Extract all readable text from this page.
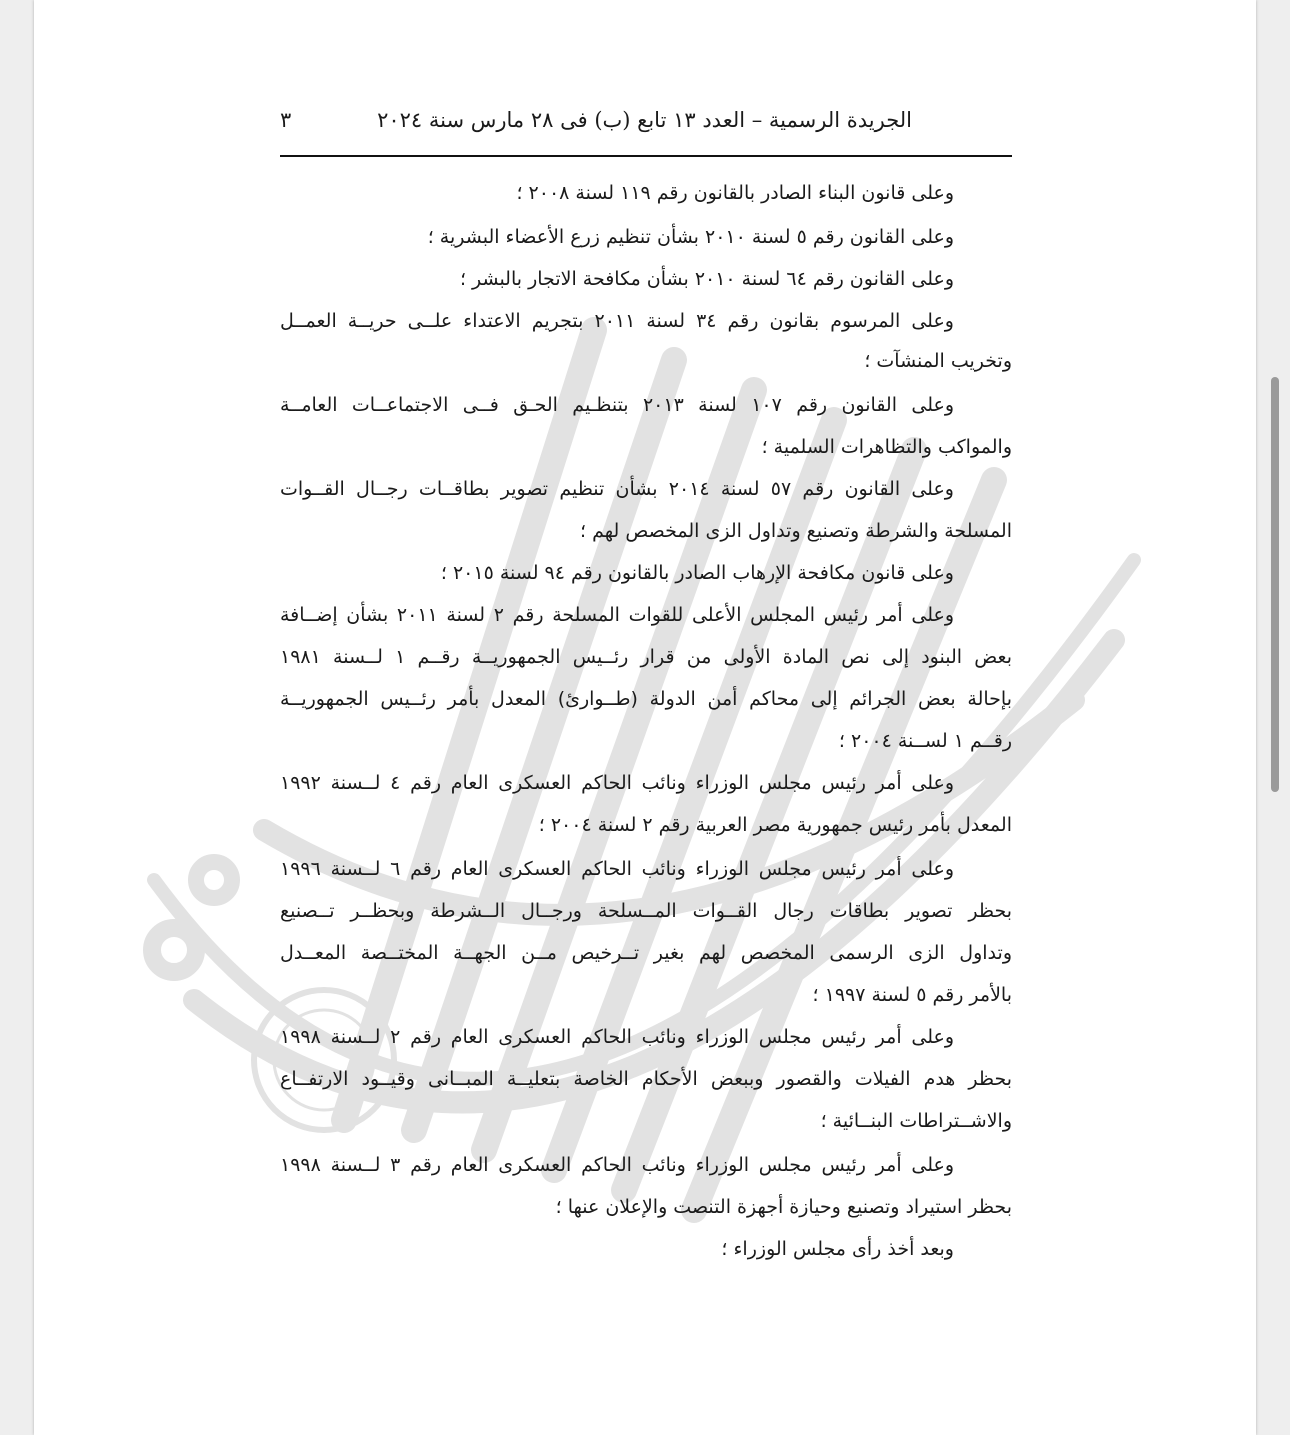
الجريدة الرسمية – العدد ١٣ تابع (ب) فى ٢٨ مارس سنة ٢٠٢٤
٣
وعلى قانون البناء الصادر بالقانون رقم ١١٩ لسنة ٢٠٠٨ ؛
وعلى القانون رقم ٥ لسنة ٢٠١٠ بشأن تنظيم زرع الأعضاء البشرية ؛
وعلى القانون رقم ٦٤ لسنة ٢٠١٠ بشأن مكافحة الاتجار بالبشر ؛
وعلى المرسوم بقانون رقم ٣٤ لسنة ٢٠١١ بتجريم الاعتداء علــى حريــة العمــل
وتخريب المنشآت ؛
وعلى القانون رقم ١٠٧ لسنة ٢٠١٣ بتنظـيم الحـق فــى الاجتماعــات العامــة
والمواكب والتظاهرات السلمية ؛
وعلى القانون رقم ٥٧ لسنة ٢٠١٤ بشأن تنظيم تصوير بطاقــات رجــال القــوات
المسلحة والشرطة وتصنيع وتداول الزى المخصص لهم ؛
وعلى قانون مكافحة الإرهاب الصادر بالقانون رقم ٩٤ لسنة ٢٠١٥ ؛
وعلى أمر رئيس المجلس الأعلى للقوات المسلحة رقم ٢ لسنة ٢٠١١ بشأن إضــافة
بعض البنود إلى نص المادة الأولى من قرار رئــيس الجمهوريــة رقــم ١ لــسنة ١٩٨١
بإحالة بعض الجرائم إلى محاكم أمن الدولة (طــوارئ) المعدل بأمر رئــيس الجمهوريــة
رقــم ١ لســنة ٢٠٠٤ ؛
وعلى أمر رئيس مجلس الوزراء ونائب الحاكم العسكرى العام رقم ٤ لــسنة ١٩٩٢
المعدل بأمر رئيس جمهورية مصر العربية رقم ٢ لسنة ٢٠٠٤ ؛
وعلى أمر رئيس مجلس الوزراء ونائب الحاكم العسكرى العام رقم ٦ لــسنة ١٩٩٦
بحظر تصوير بطاقات رجال القــوات المــسلحة ورجــال الــشرطة وبحظــر تــصنيع
وتداول الزى الرسمى المخصص لهم بغير تــرخيص مــن الجهــة المختــصة المعــدل
بالأمر رقم ٥ لسنة ١٩٩٧ ؛
وعلى أمر رئيس مجلس الوزراء ونائب الحاكم العسكرى العام رقم ٢ لــسنة ١٩٩٨
بحظر هدم الفيلات والقصور وببعض الأحكام الخاصة بتعليــة المبــانى وقيــود الارتفــاع
والاشــتراطات البنــائية ؛
وعلى أمر رئيس مجلس الوزراء ونائب الحاكم العسكرى العام رقم ٣ لــسنة ١٩٩٨
بحظر استيراد وتصنيع وحيازة أجهزة التنصت والإعلان عنها ؛
وبعد أخذ رأى مجلس الوزراء ؛
